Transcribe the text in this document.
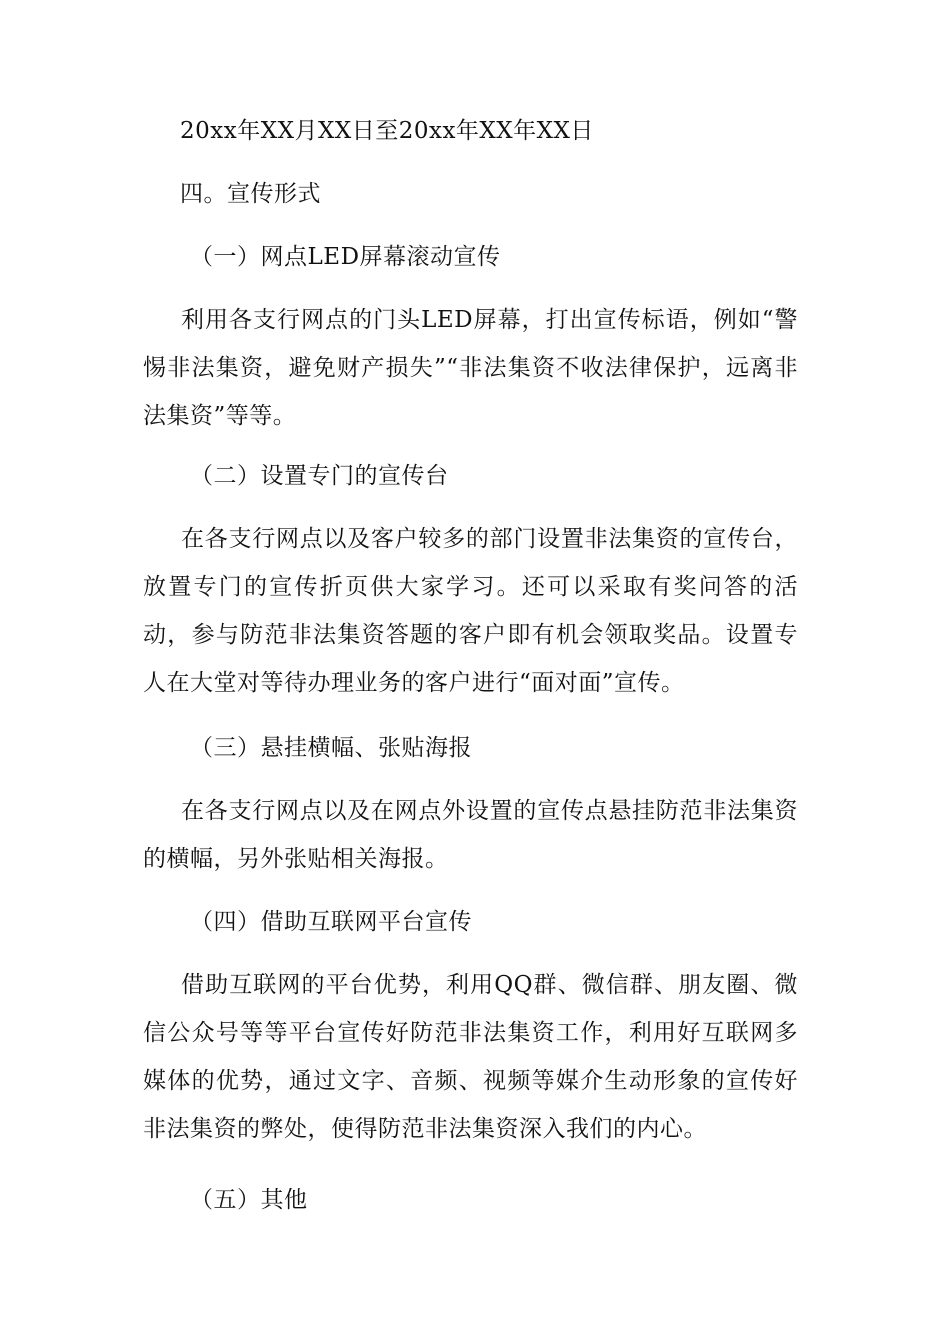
20xx年XX月XX日至20xx年XX年XX日
四。宣传形式
（一）网点LED屏幕滚动宣传
利用各支行网点的门头LED屏幕，打出宣传标语，例如“警惕非法集资，避免财产损失”“非法集资不收法律保护，远离非法集资”等等。
（二）设置专门的宣传台
在各支行网点以及客户较多的部门设置非法集资的宣传台，放置专门的宣传折页供大家学习。还可以采取有奖问答的活动，参与防范非法集资答题的客户即有机会领取奖品。设置专人在大堂对等待办理业务的客户进行“面对面”宣传。
（三）悬挂横幅、张贴海报
在各支行网点以及在网点外设置的宣传点悬挂防范非法集资的横幅，另外张贴相关海报。
（四）借助互联网平台宣传
借助互联网的平台优势，利用QQ群、微信群、朋友圈、微信公众号等等平台宣传好防范非法集资工作，利用好互联网多媒体的优势，通过文字、音频、视频等媒介生动形象的宣传好非法集资的弊处，使得防范非法集资深入我们的内心。
（五）其他
